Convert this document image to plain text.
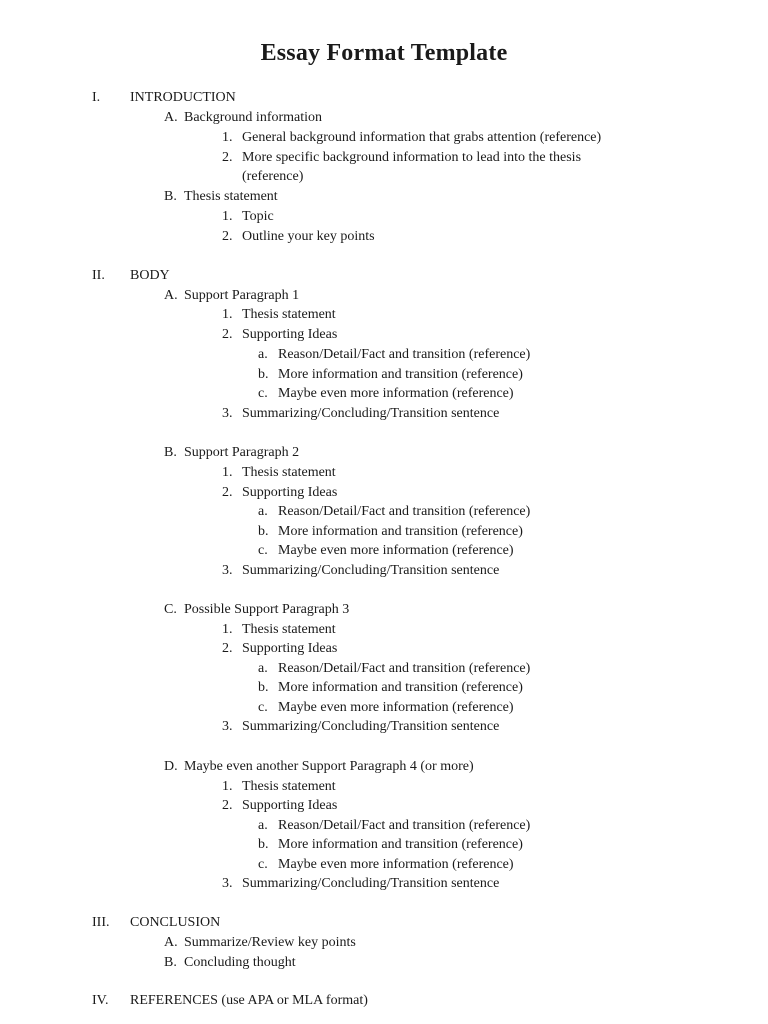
Essay Format Template
I. INTRODUCTION
A. Background information
1. General background information that grabs attention (reference)
2. More specific background information to lead into the thesis
(reference)
B. Thesis statement
1. Topic
2. Outline your key points
II. BODY
A. Support Paragraph 1
1. Thesis statement
2. Supporting Ideas
a. Reason/Detail/Fact and transition (reference)
b. More information and transition (reference)
c. Maybe even more information (reference)
3. Summarizing/Concluding/Transition sentence
B. Support Paragraph 2
1. Thesis statement
2. Supporting Ideas
a. Reason/Detail/Fact and transition (reference)
b. More information and transition (reference)
c. Maybe even more information (reference)
3. Summarizing/Concluding/Transition sentence
C. Possible Support Paragraph 3
1. Thesis statement
2. Supporting Ideas
a. Reason/Detail/Fact and transition (reference)
b. More information and transition (reference)
c. Maybe even more information (reference)
3. Summarizing/Concluding/Transition sentence
D. Maybe even another Support Paragraph 4 (or more)
1. Thesis statement
2. Supporting Ideas
a. Reason/Detail/Fact and transition (reference)
b. More information and transition (reference)
c. Maybe even more information (reference)
3. Summarizing/Concluding/Transition sentence
III. CONCLUSION
A. Summarize/Review key points
B. Concluding thought
IV. REFERENCES (use APA or MLA format)
